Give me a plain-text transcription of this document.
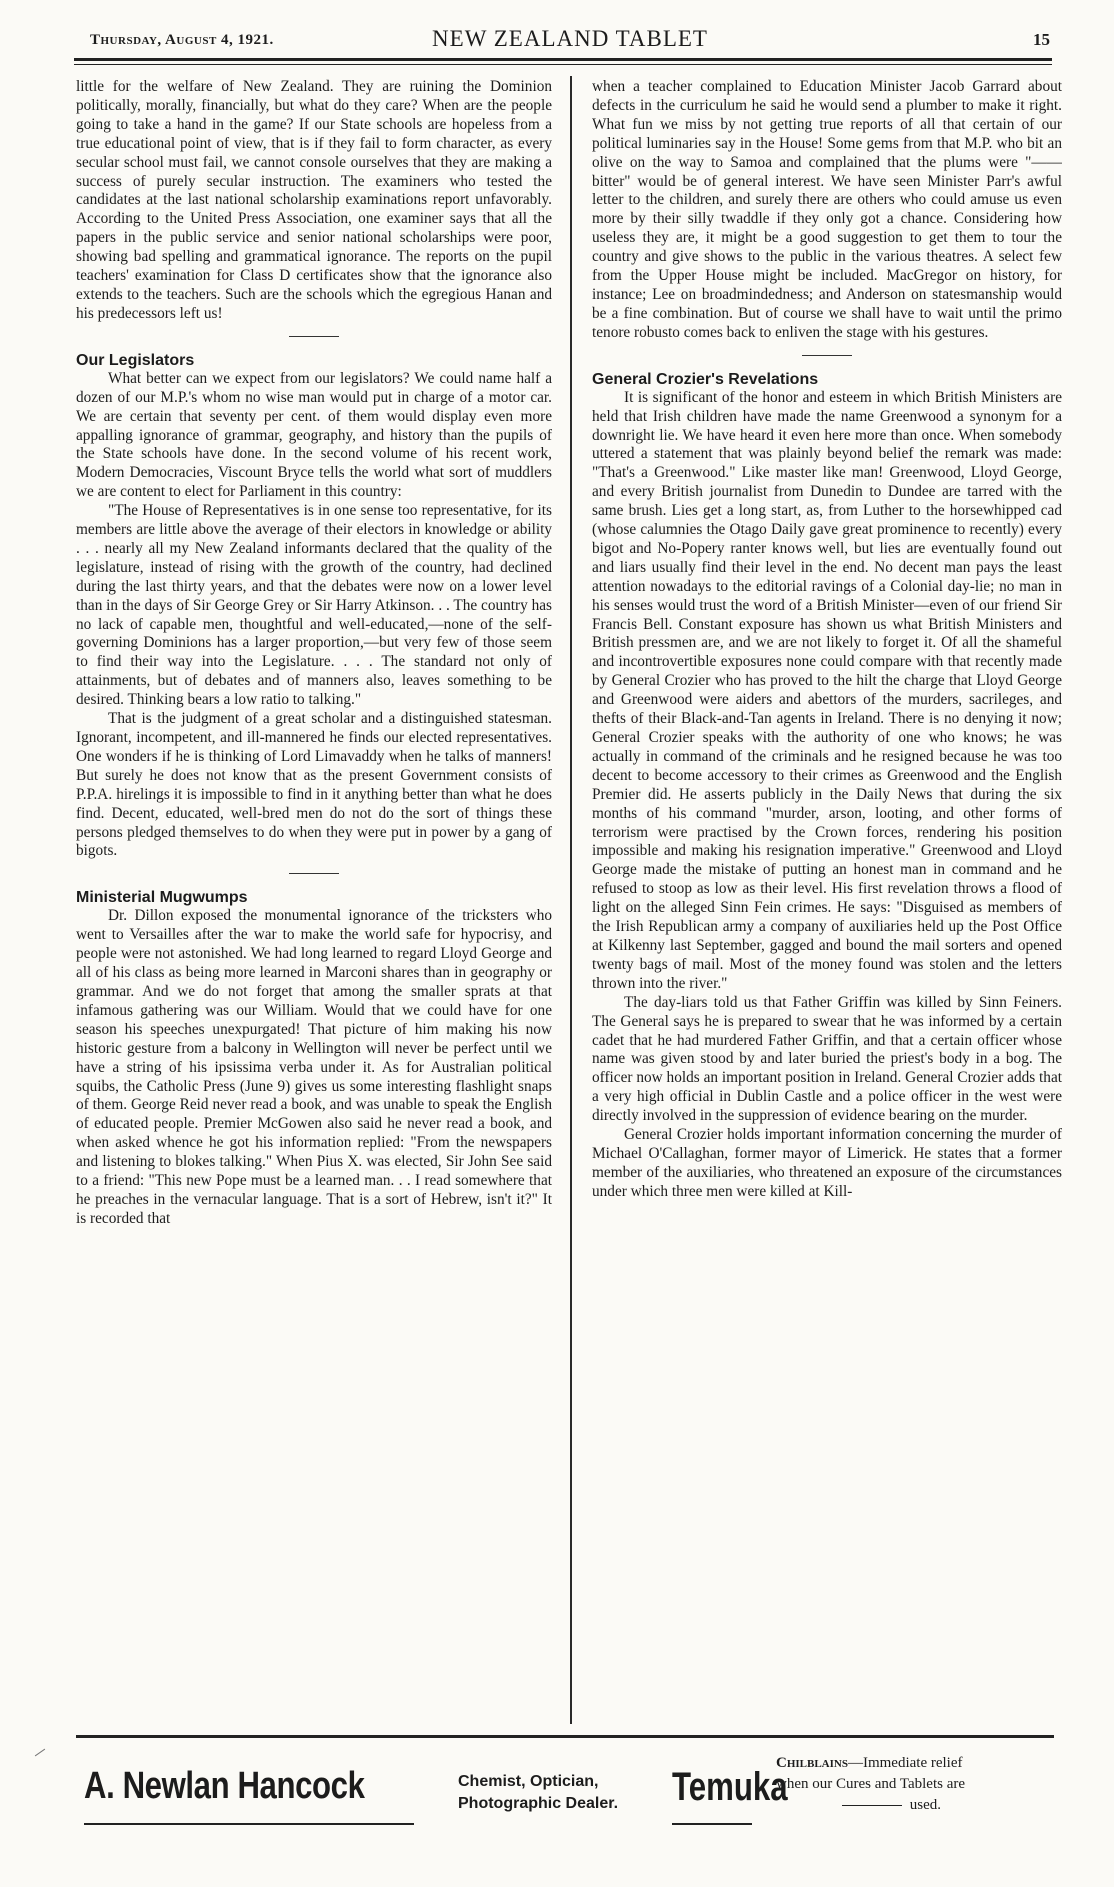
Thursday, August 4, 1921.	NEW ZEALAND TABLET	15

little for the welfare of New Zealand. They are ruining the Dominion politically, morally, financially, but what do they care? When are the people going to take a hand in the game? If our State schools are hopeless from a true educational point of view, that is if they fail to form character, as every secular school must fail, we cannot console ourselves that they are making a success of purely secular instruction. The examiners who tested the candidates at the last national scholarship examinations report unfavorably. According to the United Press Association, one examiner says that all the papers in the public service and senior national scholarships were poor, showing bad spelling and grammatical ignorance. The reports on the pupil teachers' examination for Class D certificates show that the ignorance also extends to the teachers. Such are the schools which the egregious Hanan and his predecessors left us!

Our Legislators

What better can we expect from our legislators? We could name half a dozen of our M.P.'s whom no wise man would put in charge of a motor car. We are certain that seventy per cent. of them would display even more appalling ignorance of grammar, geography, and history than the pupils of the State schools have done. In the second volume of his recent work, Modern Democracies, Viscount Bryce tells the world what sort of muddlers we are content to elect for Parliament in this country:

"The House of Representatives is in one sense too representative, for its members are little above the average of their electors in knowledge or ability . . . nearly all my New Zealand informants declared that the quality of the legislature, instead of rising with the growth of the country, had declined during the last thirty years, and that the debates were now on a lower level than in the days of Sir George Grey or Sir Harry Atkinson. . . The country has no lack of capable men, thoughtful and well-educated,—none of the self-governing Dominions has a larger proportion,—but very few of those seem to find their way into the Legislature. . . . The standard not only of attainments, but of debates and of manners also, leaves something to be desired. Thinking bears a low ratio to talking."

That is the judgment of a great scholar and a distinguished statesman. Ignorant, incompetent, and ill-mannered he finds our elected representatives. One wonders if he is thinking of Lord Limavaddy when he talks of manners! But surely he does not know that as the present Government consists of P.P.A. hirelings it is impossible to find in it anything better than what he does find. Decent, educated, well-bred men do not do the sort of things these persons pledged themselves to do when they were put in power by a gang of bigots.

Ministerial Mugwumps

Dr. Dillon exposed the monumental ignorance of the tricksters who went to Versailles after the war to make the world safe for hypocrisy, and people were not astonished. We had long learned to regard Lloyd George and all of his class as being more learned in Marconi shares than in geography or grammar. And we do not forget that among the smaller sprats at that infamous gathering was our William. Would that we could have for one season his speeches unexpurgated! That picture of him making his now historic gesture from a balcony in Wellington will never be perfect until we have a string of his ipsissima verba under it. As for Australian political squibs, the Catholic Press (June 9) gives us some interesting flashlight snaps of them. George Reid never read a book, and was unable to speak the English of educated people. Premier McGowen also said he never read a book, and when asked whence he got his information replied: "From the newspapers and listening to blokes talking." When Pius X. was elected, Sir John See said to a friend: "This new Pope must be a learned man. . . I read somewhere that he preaches in the vernacular language. That is a sort of Hebrew, isn't it?" It is recorded that

when a teacher complained to Education Minister Jacob Garrard about defects in the curriculum he said he would send a plumber to make it right. What fun we miss by not getting true reports of all that certain of our political luminaries say in the House! Some gems from that M.P. who bit an olive on the way to Samoa and complained that the plums were "—— bitter" would be of general interest. We have seen Minister Parr's awful letter to the children, and surely there are others who could amuse us even more by their silly twaddle if they only got a chance. Considering how useless they are, it might be a good suggestion to get them to tour the country and give shows to the public in the various theatres. A select few from the Upper House might be included. MacGregor on history, for instance; Lee on broadmindedness; and Anderson on statesmanship would be a fine combination. But of course we shall have to wait until the primo tenore robusto comes back to enliven the stage with his gestures.

General Crozier's Revelations

It is significant of the honor and esteem in which British Ministers are held that Irish children have made the name Greenwood a synonym for a downright lie. We have heard it even here more than once. When somebody uttered a statement that was plainly beyond belief the remark was made: "That's a Greenwood." Like master like man! Greenwood, Lloyd George, and every British journalist from Dunedin to Dundee are tarred with the same brush. Lies get a long start, as, from Luther to the horsewhipped cad (whose calumnies the Otago Daily gave great prominence to recently) every bigot and No-Popery ranter knows well, but lies are eventually found out and liars usually find their level in the end. No decent man pays the least attention nowadays to the editorial ravings of a Colonial day-lie; no man in his senses would trust the word of a British Minister—even of our friend Sir Francis Bell. Constant exposure has shown us what British Ministers and British pressmen are, and we are not likely to forget it. Of all the shameful and incontrovertible exposures none could compare with that recently made by General Crozier who has proved to the hilt the charge that Lloyd George and Greenwood were aiders and abettors of the murders, sacrileges, and thefts of their Black-and-Tan agents in Ireland. There is no denying it now; General Crozier speaks with the authority of one who knows; he was actually in command of the criminals and he resigned because he was too decent to become accessory to their crimes as Greenwood and the English Premier did. He asserts publicly in the Daily News that during the six months of his command "murder, arson, looting, and other forms of terrorism were practised by the Crown forces, rendering his position impossible and making his resignation imperative." Greenwood and Lloyd George made the mistake of putting an honest man in command and he refused to stoop as low as their level. His first revelation throws a flood of light on the alleged Sinn Fein crimes. He says: "Disguised as members of the Irish Republican army a company of auxiliaries held up the Post Office at Kilkenny last September, gagged and bound the mail sorters and opened twenty bags of mail. Most of the money found was stolen and the letters thrown into the river."

The day-liars told us that Father Griffin was killed by Sinn Feiners. The General says he is prepared to swear that he was informed by a certain cadet that he had murdered Father Griffin, and that a certain officer whose name was given stood by and later buried the priest's body in a bog. The officer now holds an important position in Ireland. General Crozier adds that a very high official in Dublin Castle and a police officer in the west were directly involved in the suppression of evidence bearing on the murder.

General Crozier holds important information concerning the murder of Michael O'Callaghan, former mayor of Limerick. He states that a former member of the auxiliaries, who threatened an exposure of the circumstances under which three men were killed at Kill-

A. Newlan Hancock	Chemist, Optician,
Photographic Dealer. Temuka
Chilblains—Immediate relief
when our Cures and Tablets are
used.
